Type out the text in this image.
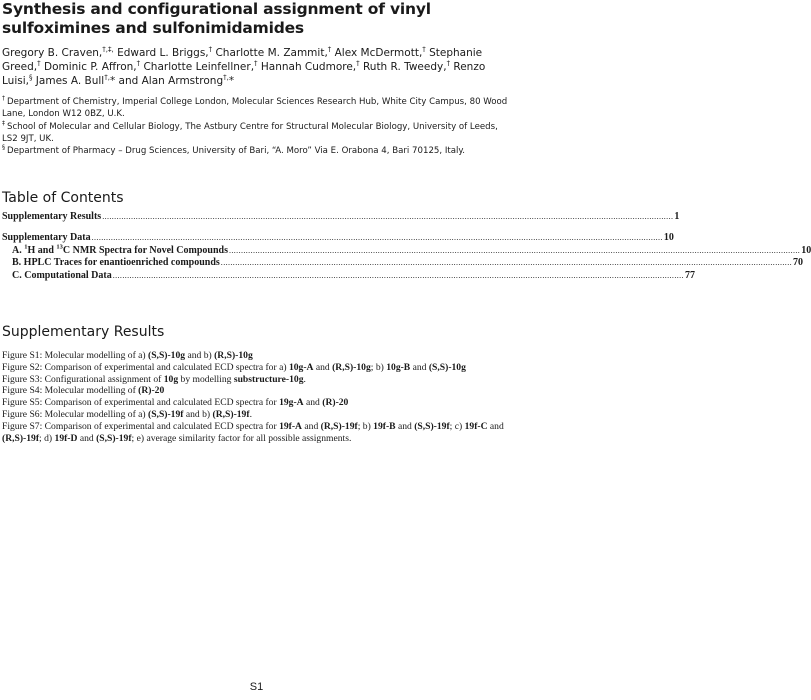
Synthesis and configurational assignment of vinyl sulfoximines and sulfonimidamides
Gregory B. Craven,†,‡, Edward L. Briggs,† Charlotte M. Zammit,† Alex McDermott,† Stephanie Greed,† Dominic P. Affron,† Charlotte Leinfellner,† Hannah Cudmore,† Ruth R. Tweedy,† Renzo Luisi,§ James A. Bull†,* and Alan Armstrong†,*

† Department of Chemistry, Imperial College London, Molecular Sciences Research Hub, White City Campus, 80 Wood Lane, London W12 0BZ, U.K.

‡ School of Molecular and Cellular Biology, The Astbury Centre for Structural Molecular Biology, University of Leeds, LS2 9JT, UK.

§ Department of Pharmacy – Drug Sciences, University of Bari, “A. Moro” Via E. Orabona 4, Bari 70125, Italy.

Table of Contents
Supplementary Results .............................................................................................................................................................................................................................................. 1
Supplementary Data .............................................................................................................................................................................................................................................. 10
A. $^1$H and $^{13}$C NMR Spectra for Novel Compounds .............................................................................................................................................................................................................................................. 10
B. HPLC Traces for enantioenriched compounds .............................................................................................................................................................................................................................................. 70
C. Computational Data .............................................................................................................................................................................................................................................. 77
Supplementary Results

Figure S1: Molecular modelling of a) (S,S)-10g and b) (R,S)-10g

Figure S2: Comparison of experimental and calculated ECD spectra for a) 10g-A and (R,S)-10g; b) 10g-B and (S,S)-10g

Figure S3: Configurational assignment of 10g by modelling substructure-10g.

Figure S4: Molecular modelling of (R)-20

Figure S5: Comparison of experimental and calculated ECD spectra for 19g-A and (R)-20

Figure S6: Molecular modelling of a) (S,S)-19f and b) (R,S)-19f.

Figure S7: Comparison of experimental and calculated ECD spectra for 19f-A and (R,S)-19f; b) 19f-B and (S,S)-19f; c) 19f-C and (R,S)-19f; d) 19f-D and (S,S)-19f; e) average similarity factor for all possible assignments.

S1
